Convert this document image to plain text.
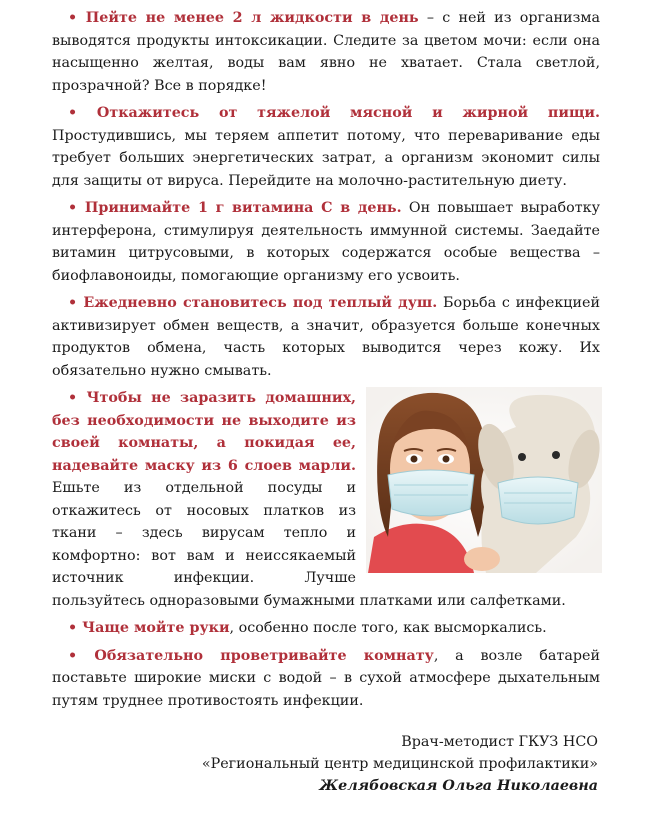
• Пейте не менее 2 л жидкости в день – с ней из организма выводятся продукты интоксикации. Следите за цветом мочи: если она насыщенно желтая, воды вам явно не хватает. Стала светлой, прозрачной? Все в порядке!

• Откажитесь от тяжелой мясной и жирной пищи. Простудившись, мы теряем аппетит потому, что переваривание еды требует больших энергетических затрат, а организм экономит силы для защиты от вируса. Перейдите на молочно-растительную диету.

• Принимайте 1 г витамина С в день. Он повышает выработку интерферона, стимулируя деятельность иммунной системы. Заедайте витамин цитрусовыми, в которых содержатся особые вещества – биофлавоноиды, помогающие организму его усвоить.

• Ежедневно становитесь под теплый душ. Борьба с инфекцией активизирует обмен веществ, а значит, образуется больше конечных продуктов обмена, часть которых выводится через кожу. Их обязательно нужно смывать.

• Чтобы не заразить домашних, без необходимости не выходите из своей комнаты, а покидая ее, надевайте маску из 6 слоев марли. Ешьте из отдельной посуды и откажитесь от носовых платков из ткани – здесь вирусам тепло и комфортно: вот вам и неиссякаемый источник инфекции. Лучше пользуйтесь одноразовыми бумажными платками или салфетками.

• Чаще мойте руки, особенно после того, как высморкались.

• Обязательно проветривайте комнату, а возле батарей поставьте широкие миски с водой – в сухой атмосфере дыхательным путям труднее противостоять инфекции.

Врач-методист ГКУЗ НСО
«Региональный центр медицинской профилактики»
Желябовская Ольга Николаевна
